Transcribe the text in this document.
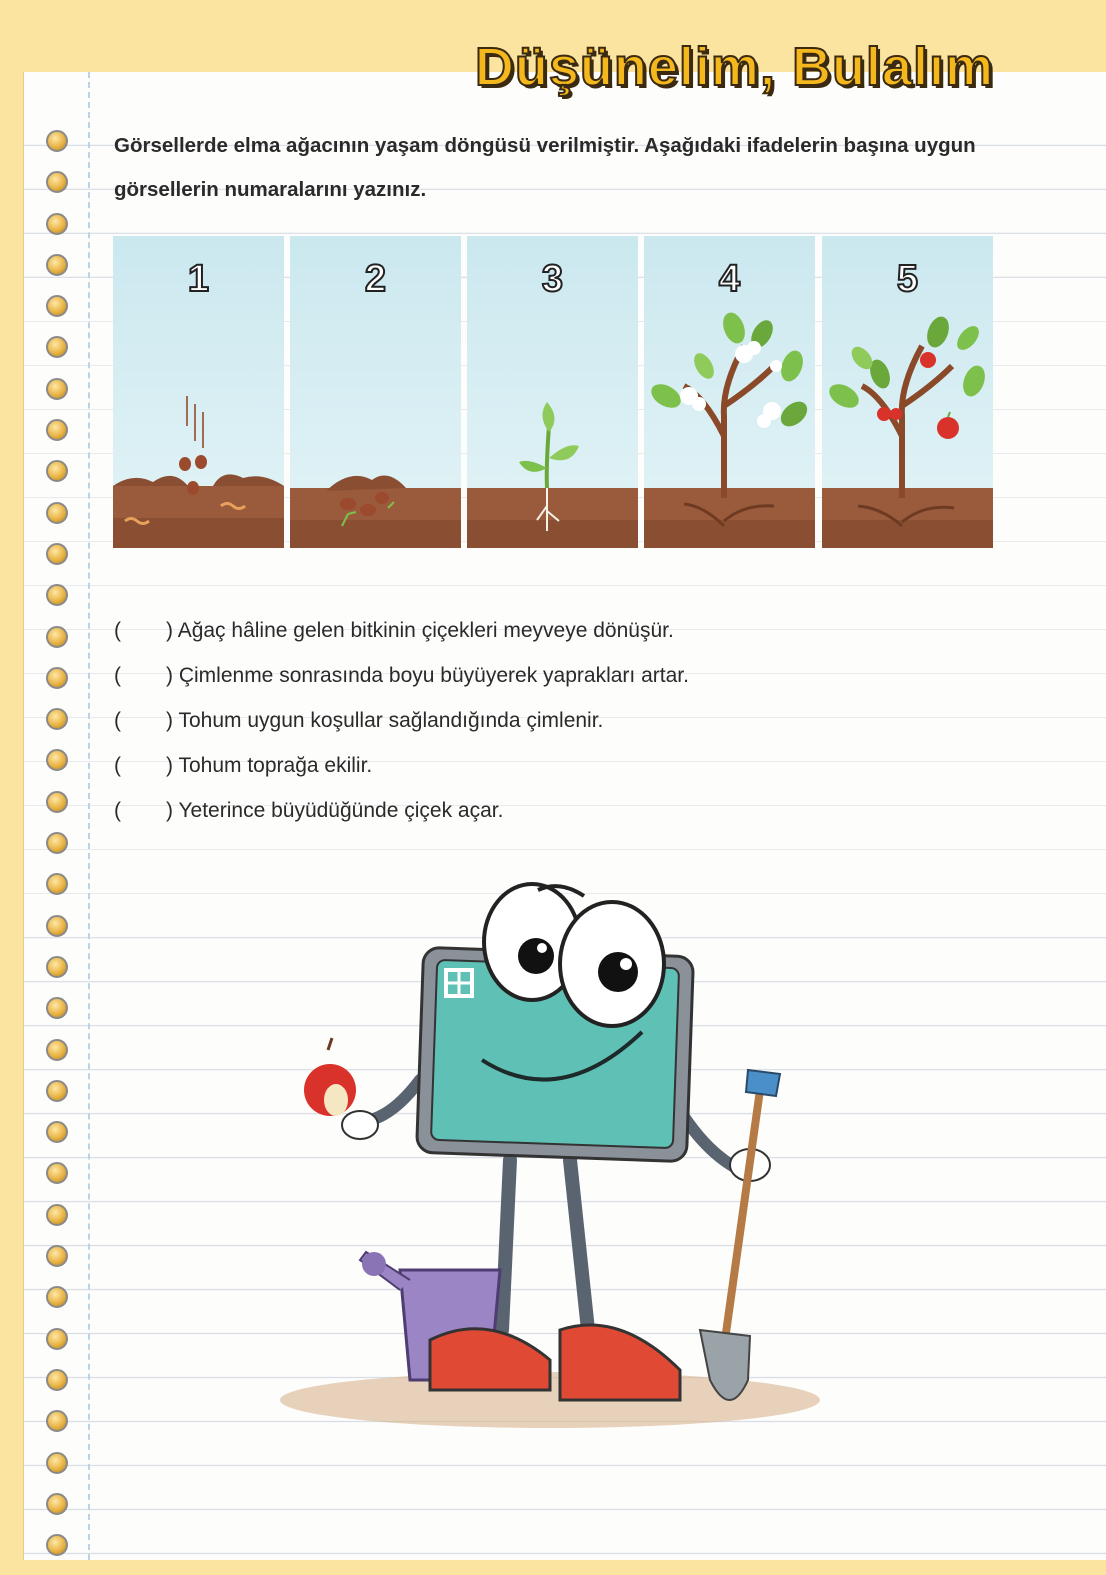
Düşünelim, Bulalım
Görsellerde elma ağacının yaşam döngüsü verilmiştir. Aşağıdaki ifadelerin başına uygun görsellerin numaralarını yazınız.
1	2	3	4	5
( ) Ağaç hâline gelen bitkinin çiçekleri meyveye dönüşür.
( ) Çimlenme sonrasında boyu büyüyerek yaprakları artar.
( ) Tohum uygun koşullar sağlandığında çimlenir.
( ) Tohum toprağa ekilir.
( ) Yeterince büyüdüğünde çiçek açar.
